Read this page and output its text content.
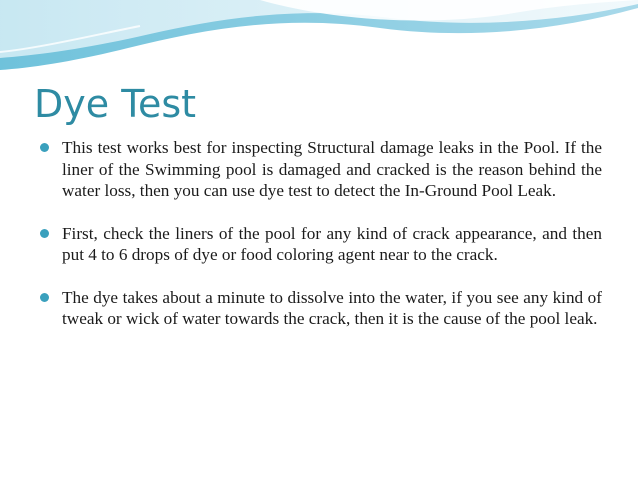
Dye Test
This test works best for inspecting Structural damage leaks in the Pool. If the liner of the Swimming pool is damaged and cracked is the reason behind the water loss, then you can use dye test to detect the In-Ground Pool Leak.
First, check the liners of the pool for any kind of crack appearance, and then put 4 to 6 drops of dye or food coloring agent near to the crack.
The dye takes about a minute to dissolve into the water, if you see any kind of tweak or wick of water towards the crack, then it is the cause of the pool leak.
